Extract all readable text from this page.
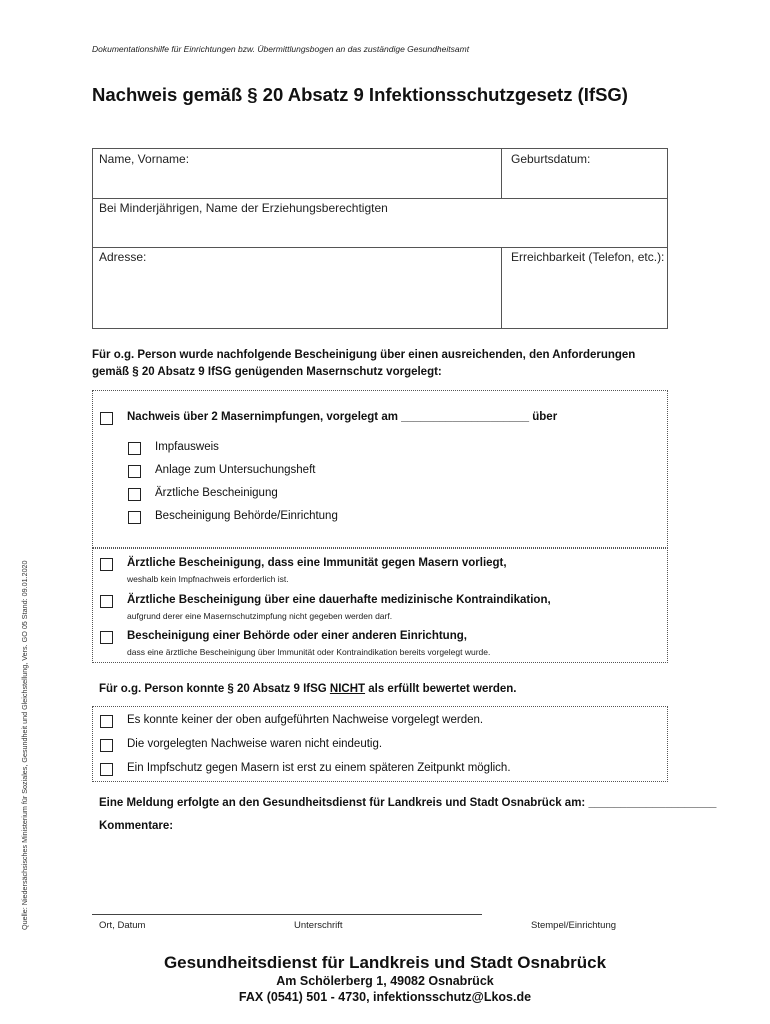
Dokumentationshilfe für Einrichtungen bzw. Übermittlungsbogen an das zuständige Gesundheitsamt
Nachweis gemäß § 20 Absatz 9 Infektionsschutzgesetz (IfSG)
Name, Vorname:	Geburtsdatum:
Bei Minderjährigen, Name der Erziehungsberechtigten
Adresse:	Erreichbarkeit (Telefon, etc.):
Für o.g. Person wurde nachfolgende Bescheinigung über einen ausreichenden, den Anforderungen
gemäß § 20 Absatz 9 IfSG genügenden Masernschutz vorgelegt:
Nachweis über 2 Masernimpfungen, vorgelegt am ____________________ über
Impfausweis
Anlage zum Untersuchungsheft
Ärztliche Bescheinigung
Bescheinigung Behörde/Einrichtung
Ärztliche Bescheinigung, dass eine Immunität gegen Masern vorliegt,
weshalb kein Impfnachweis erforderlich ist.
Ärztliche Bescheinigung über eine dauerhafte medizinische Kontraindikation,
aufgrund derer eine Masernschutzimpfung nicht gegeben werden darf.
Bescheinigung einer Behörde oder einer anderen Einrichtung,
dass eine ärztliche Bescheinigung über Immunität oder Kontraindikation bereits vorgelegt wurde.
Für o.g. Person konnte § 20 Absatz 9 IfSG NICHT als erfüllt bewertet werden.
Es konnte keiner der oben aufgeführten Nachweise vorgelegt werden.
Die vorgelegten Nachweise waren nicht eindeutig.
Ein Impfschutz gegen Masern ist erst zu einem späteren Zeitpunkt möglich.
Eine Meldung erfolgte an den Gesundheitsdienst für Landkreis und Stadt Osnabrück am: ____________________
Kommentare:
Ort, Datum	Unterschrift	Stempel/Einrichtung
Quelle: Niedersächsisches Ministerium für Soziales, Gesundheit und Gleichstellung, Vers. GO 05 Stand: 09.01.2020
Gesundheitsdienst für Landkreis und Stadt Osnabrück
Am Schölerberg 1, 49082 Osnabrück
FAX (0541) 501 - 4730, infektionsschutz@Lkos.de
